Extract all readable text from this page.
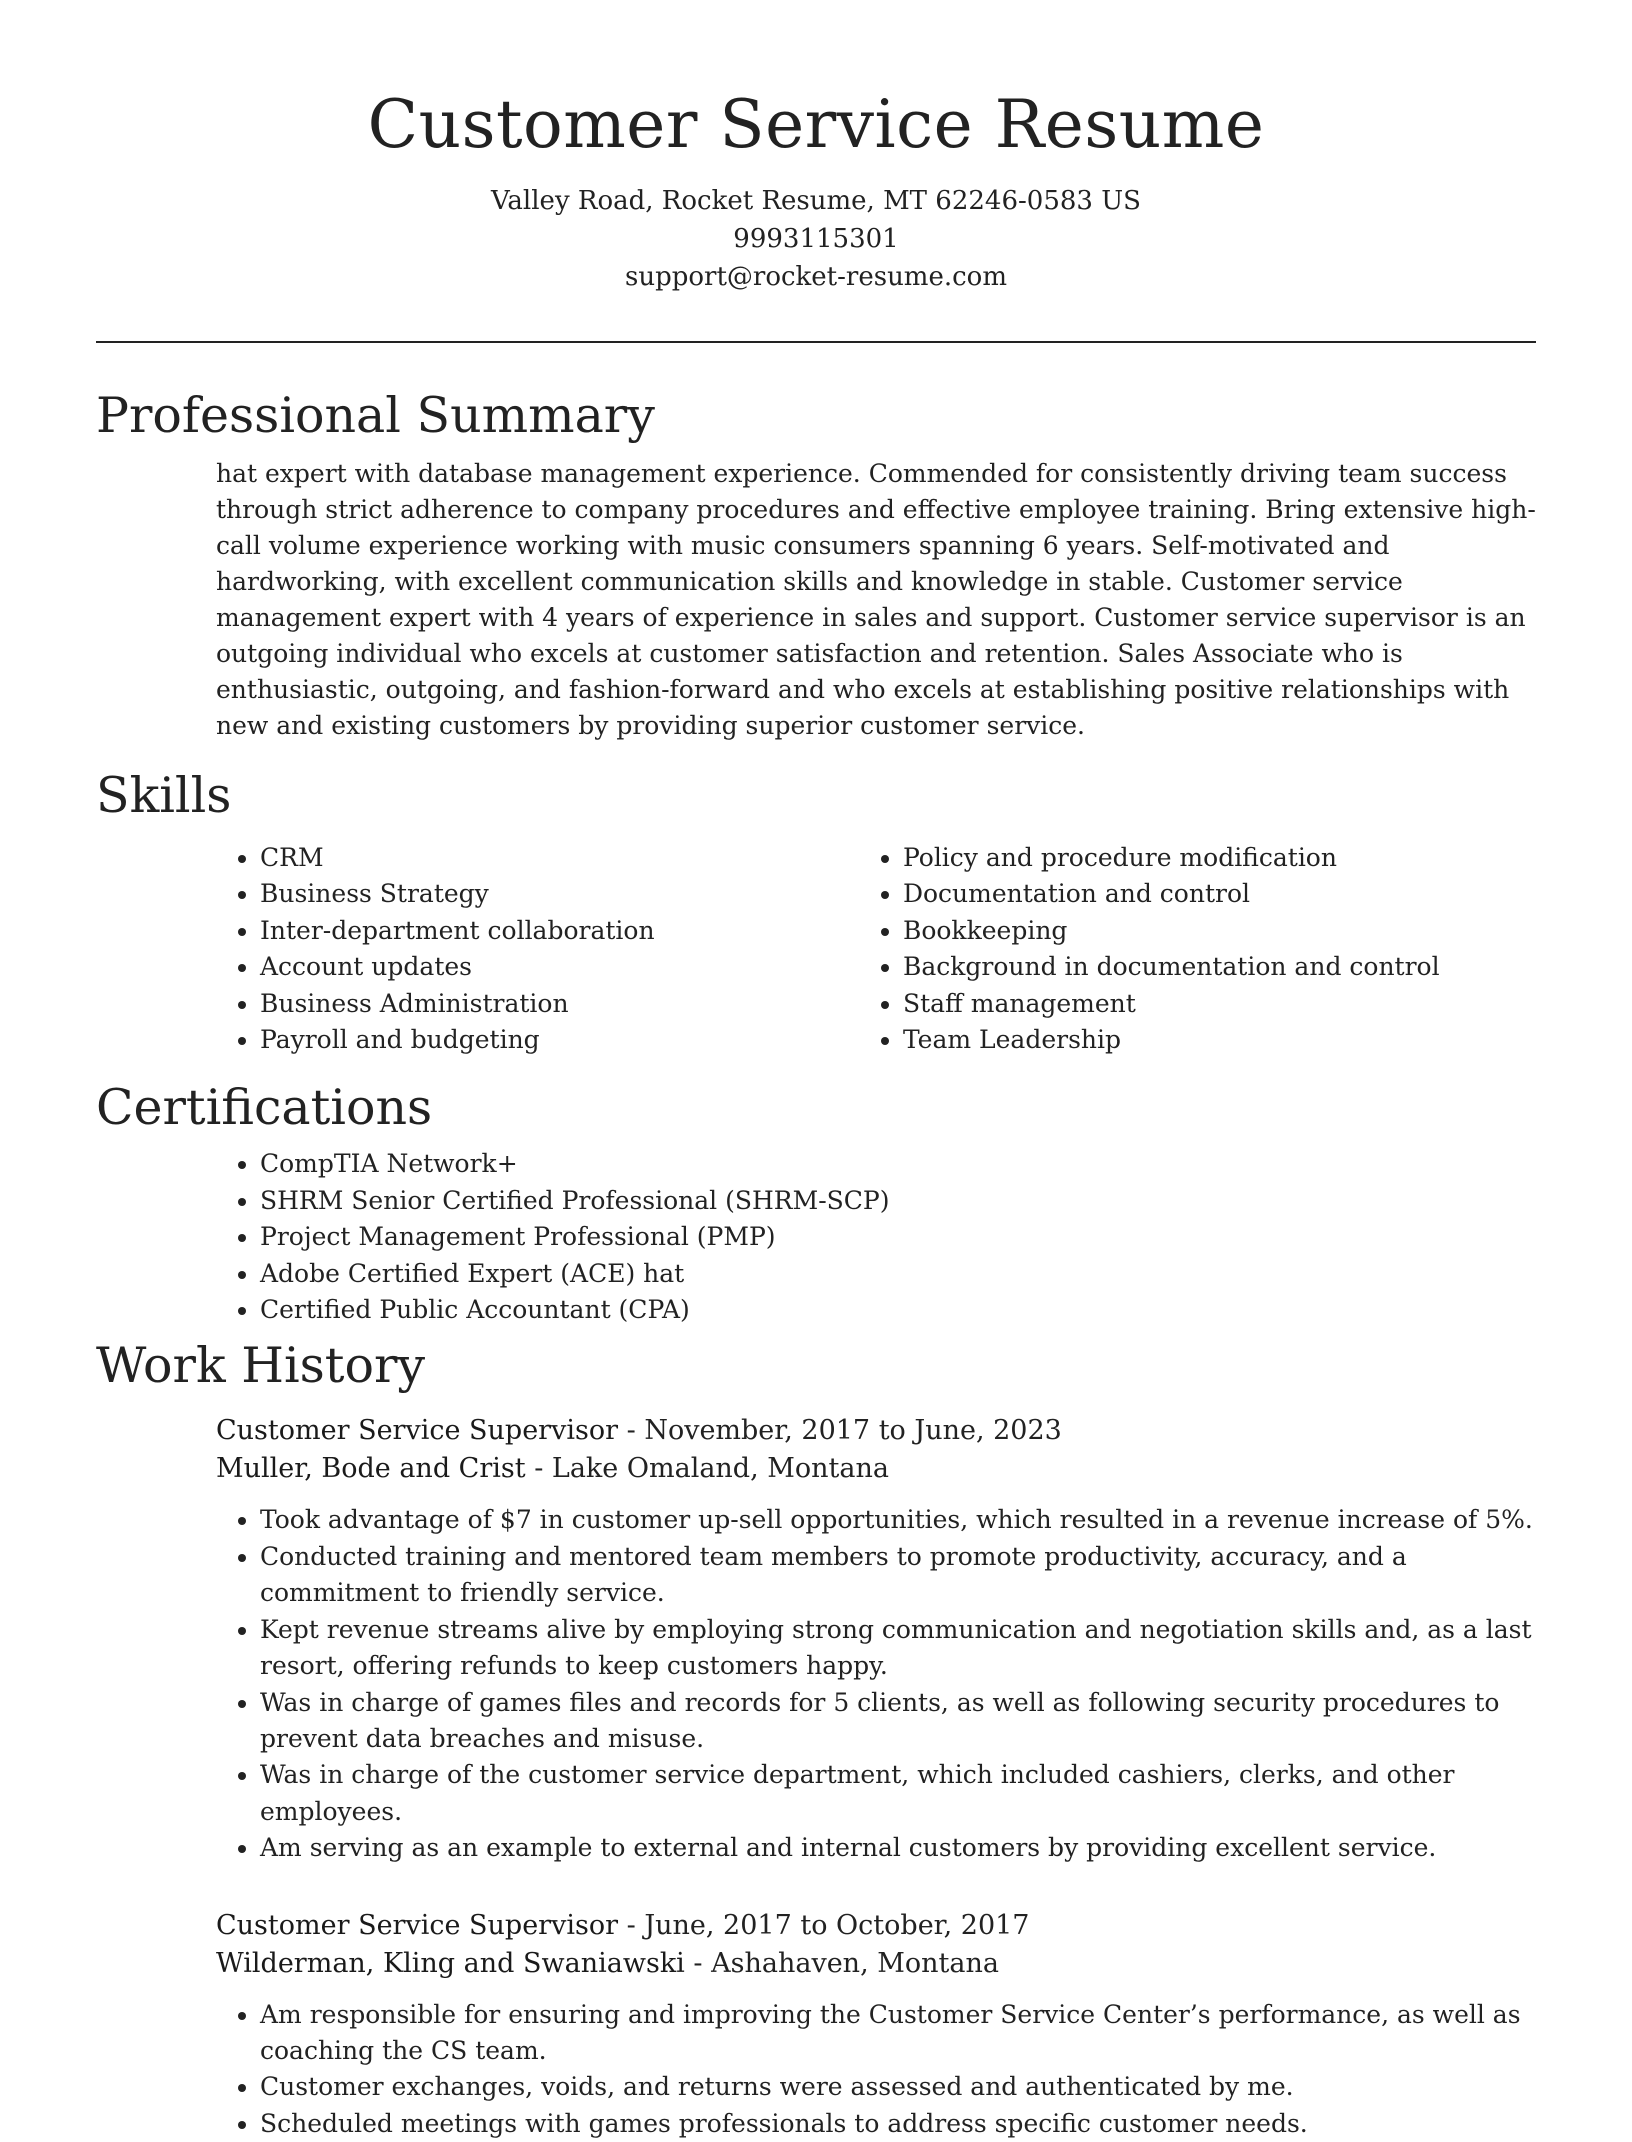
Customer Service Resume
Valley Road, Rocket Resume, MT 62246-0583 US
9993115301
support@rocket-resume.com
Professional Summary

hat expert with database management experience. Commended for consistently driving team success through strict adherence to company procedures and effective employee training. Bring extensive high-call volume experience working with music consumers spanning 6 years. Self-motivated and hardworking, with excellent communication skills and knowledge in stable. Customer service management expert with 4 years of experience in sales and support. Customer service supervisor is an outgoing individual who excels at customer satisfaction and retention. Sales Associate who is enthusiastic, outgoing, and fashion-forward and who excels at establishing positive relationships with new and existing customers by providing superior customer service.

Skills
• CRM
• Business Strategy
• Inter-department collaboration
• Account updates
• Business Administration
• Payroll and budgeting
• Policy and procedure modification
• Documentation and control
• Bookkeeping
• Background in documentation and control
• Staff management
• Team Leadership
Certifications
• CompTIA Network+
• SHRM Senior Certified Professional (SHRM-SCP)
• Project Management Professional (PMP)
• Adobe Certified Expert (ACE) hat
• Certified Public Accountant (CPA)
Work History
Customer Service Supervisor - November, 2017 to June, 2023
Muller, Bode and Crist - Lake Omaland, Montana
• Took advantage of $7 in customer up-sell opportunities, which resulted in a revenue increase of 5%.
• Conducted training and mentored team members to promote productivity, accuracy, and a commitment to friendly service.
• Kept revenue streams alive by employing strong communication and negotiation skills and, as a last resort, offering refunds to keep customers happy.
• Was in charge of games files and records for 5 clients, as well as following security procedures to prevent data breaches and misuse.
• Was in charge of the customer service department, which included cashiers, clerks, and other employees.
• Am serving as an example to external and internal customers by providing excellent service.
Customer Service Supervisor - June, 2017 to October, 2017
Wilderman, Kling and Swaniawski - Ashahaven, Montana
• Am responsible for ensuring and improving the Customer Service Center’s performance, as well as coaching the CS team.
• Customer exchanges, voids, and returns were assessed and authenticated by me.
• Scheduled meetings with games professionals to address specific customer needs.
